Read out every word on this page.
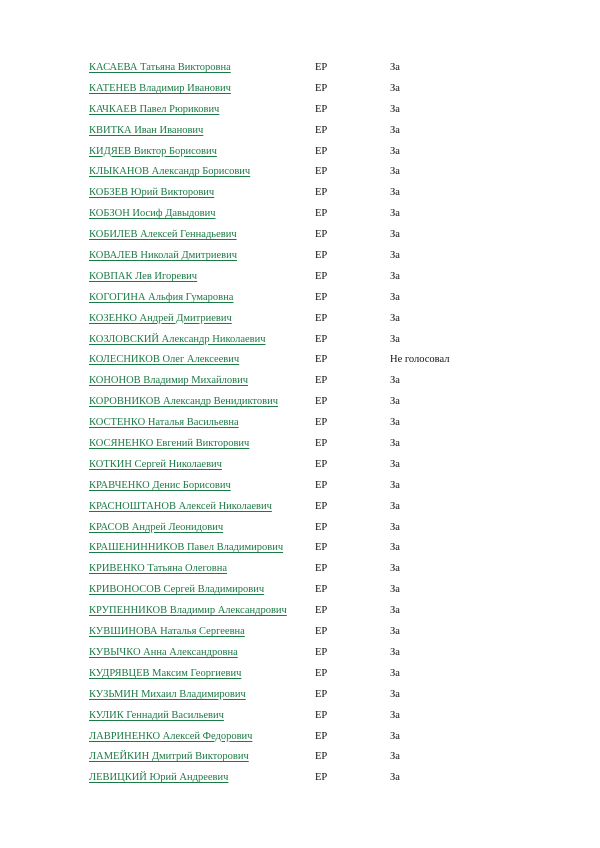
КАСАЕВА Татьяна Викторовна	ЕР	За
КАТЕНЕВ Владимир Иванович	ЕР	За
КАЧКАЕВ Павел Рюрикович	ЕР	За
КВИТКА Иван Иванович	ЕР	За
КИДЯЕВ Виктор Борисович	ЕР	За
КЛЫКАНОВ Александр Борисович	ЕР	За
КОБЗЕВ Юрий Викторович	ЕР	За
КОБЗОН Иосиф Давыдович	ЕР	За
КОБИЛЕВ Алексей Геннадьевич	ЕР	За
КОВАЛЕВ Николай Дмитриевич	ЕР	За
КОВПАК Лев Игоревич	ЕР	За
КОГОГИНА Альфия Гумаровна	ЕР	За
КОЗЕНКО Андрей Дмитриевич	ЕР	За
КОЗЛОВСКИЙ Александр Николаевич	ЕР	За
КОЛЕСНИКОВ Олег Алексеевич	ЕР	Не голосовал
КОНОНОВ Владимир Михайлович	ЕР	За
КОРОВНИКОВ Александр Венидиктович	ЕР	За
КОСТЕНКО Наталья Васильевна	ЕР	За
КОСЯНЕНКО Евгений Викторович	ЕР	За
КОТКИН Сергей Николаевич	ЕР	За
КРАВЧЕНКО Денис Борисович	ЕР	За
КРАСНОШТАНОВ Алексей Николаевич	ЕР	За
КРАСОВ Андрей Леонидович	ЕР	За
КРАШЕНИННИКОВ Павел Владимирович	ЕР	За
КРИВЕНКО Татьяна Олеговна	ЕР	За
КРИВОНОСОВ Сергей Владимирович	ЕР	За
КРУПЕННИКОВ Владимир Александрович	ЕР	За
КУВШИНОВА Наталья Сергеевна	ЕР	За
КУВЫЧКО Анна Александровна	ЕР	За
КУДРЯВЦЕВ Максим Георгиевич	ЕР	За
КУЗЬМИН Михаил Владимирович	ЕР	За
КУЛИК Геннадий Васильевич	ЕР	За
ЛАВРИНЕНКО Алексей Федорович	ЕР	За
ЛАМЕЙКИН Дмитрий Викторович	ЕР	За
ЛЕВИЦКИЙ Юрий Андреевич	ЕР	За
